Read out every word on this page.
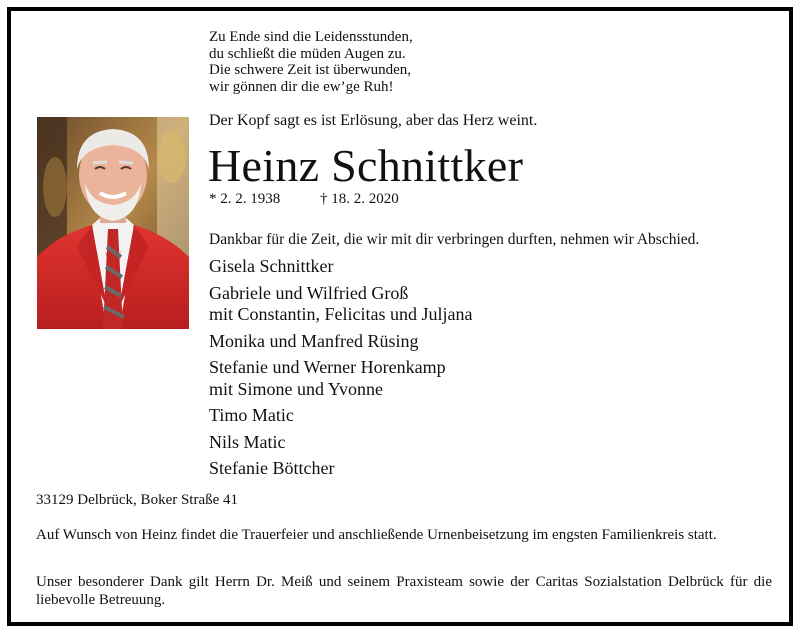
Zu Ende sind die Leidensstunden,
du schließt die müden Augen zu.
Die schwere Zeit ist überwunden,
wir gönnen dir die ew’ge Ruh!
Der Kopf sagt es ist Erlösung, aber das Herz weint.
Heinz Schnittker
* 2. 2. 1938	† 18. 2. 2020
Dankbar für die Zeit, die wir mit dir verbringen durften, nehmen wir Abschied.
Gisela Schnittker
Gabriele und Wilfried Groß
mit Constantin, Felicitas und Juljana
Monika und Manfred Rüsing
Stefanie und Werner Horenkamp
mit Simone und Yvonne
Timo Matic
Nils Matic
Stefanie Böttcher
33129 Delbrück, Boker Straße 41
Auf Wunsch von Heinz findet die Trauerfeier und anschließende Urnenbeisetzung im engsten Familienkreis statt.
Unser besonderer Dank gilt Herrn Dr. Meiß und seinem Praxisteam sowie der Caritas Sozialstation Delbrück für die liebevolle Betreuung.
